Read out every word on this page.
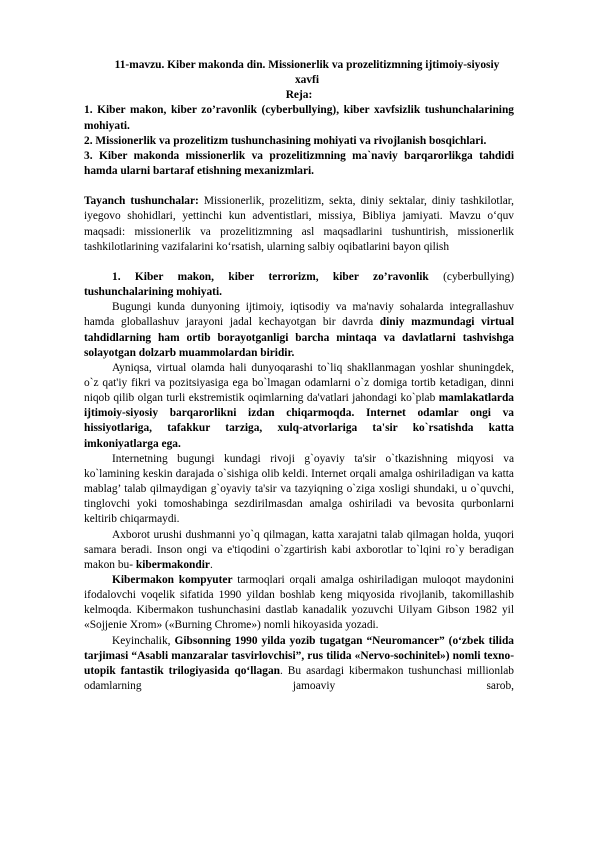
11-mavzu. Kiber makonda din. Missionerlik va prozelitizmning ijtimoiy-siyosiy xavfi

Reja:

1. Kiber makon, kiber zo’ravonlik (cyberbullying), kiber xavfsizlik tushunchalarining mohiyati.

2. Missionerlik va prozelitizm tushunchasining mohiyati va rivojlanish bosqichlari.

3. Kiber makonda missionerlik va prozelitizmning ma`naviy barqarorlikga tahdidi hamda ularni bartaraf etishning mexanizmlari.

Tayanch tushunchalar: Missionerlik, prozelitizm, sekta, diniy sektalar, diniy tashkilotlar, iyegovo shohidlari, yettinchi kun adventistlari, missiya, Bibliya jamiyati. Mavzu o‘quv maqsadi: missionerlik va prozelitizmning asl maqsadlarini tushuntirish, missionerlik tashkilotlarining vazifalarini ko‘rsatish, ularning salbiy oqibatlarini bayon qilish

1. Kiber makon, kiber terrorizm, kiber zo’ravonlik (cyberbullying) tushunchalarining mohiyati.

Bugungi kunda dunyoning ijtimoiy, iqtisodiy va ma'naviy sohalarda integrallashuv hamda globallashuv jarayoni jadal kechayotgan bir davrda diniy mazmundagi virtual tahdidlarning ham ortib borayotganligi barcha mintaqa va davlatlarni tashvishga solayotgan dolzarb muammolardan biridir.

Ayniqsa, virtual olamda hali dunyoqarashi to`liq shakllanmagan yoshlar shuningdek, o`z qat'iy fikri va pozitsiyasiga ega bo`lmagan odamlarni o`z domiga tortib ketadigan, dinni niqob qilib olgan turli ekstremistik oqimlarning da'vatlari jahondagi ko`plab mamlakatlarda ijtimoiy-siyosiy barqarorlikni izdan chiqarmoqda. Internet odamlar ongi va hissiyotlariga, tafakkur tarziga, xulq-atvorlariga ta'sir ko`rsatishda katta imkoniyatlarga ega.

Internetning bugungi kundagi rivoji g`oyaviy ta'sir o`tkazishning miqyosi va ko`lamining keskin darajada o`sishiga olib keldi. Internet orqali amalga oshiriladigan va katta mablag’ talab qilmaydigan g`oyaviy ta'sir va tazyiqning o`ziga xosligi shundaki, u o`quvchi, tinglovchi yoki tomoshabinga sezdirilmasdan amalga oshiriladi va bevosita qurbonlarni keltirib chiqarmaydi.

Axborot urushi dushmanni yo`q qilmagan, katta xarajatni talab qilmagan holda, yuqori samara beradi. Inson ongi va e'tiqodini o`zgartirish kabi axborotlar to`lqini ro`y beradigan makon bu- kibermakondir.

Kibermakon kompyuter tarmoqlari orqali amalga oshiriladigan muloqot maydonini ifodalovchi voqelik sifatida 1990 yildan boshlab keng miqyosida rivojlanib, takomillashib kelmoqda. Kibermakon tushunchasini dastlab kanadalik yozuvchi Uilyam Gibson 1982 yil «Sojjenie Xrom» («Burning Chrome») nomli hikoyasida yozadi.

Keyinchalik, Gibsonning 1990 yilda yozib tugatgan “Neuromancer” (o‘zbek tilida tarjimasi “Asabli manzaralar tasvirlovchisi”, rus tilida «Nervo-sochinitel») nomli texno-utopik fantastik trilogiyasida qo‘llagan. Bu asardagi kibermakon tushunchasi millionlab odamlarning jamoaviy sarob,
